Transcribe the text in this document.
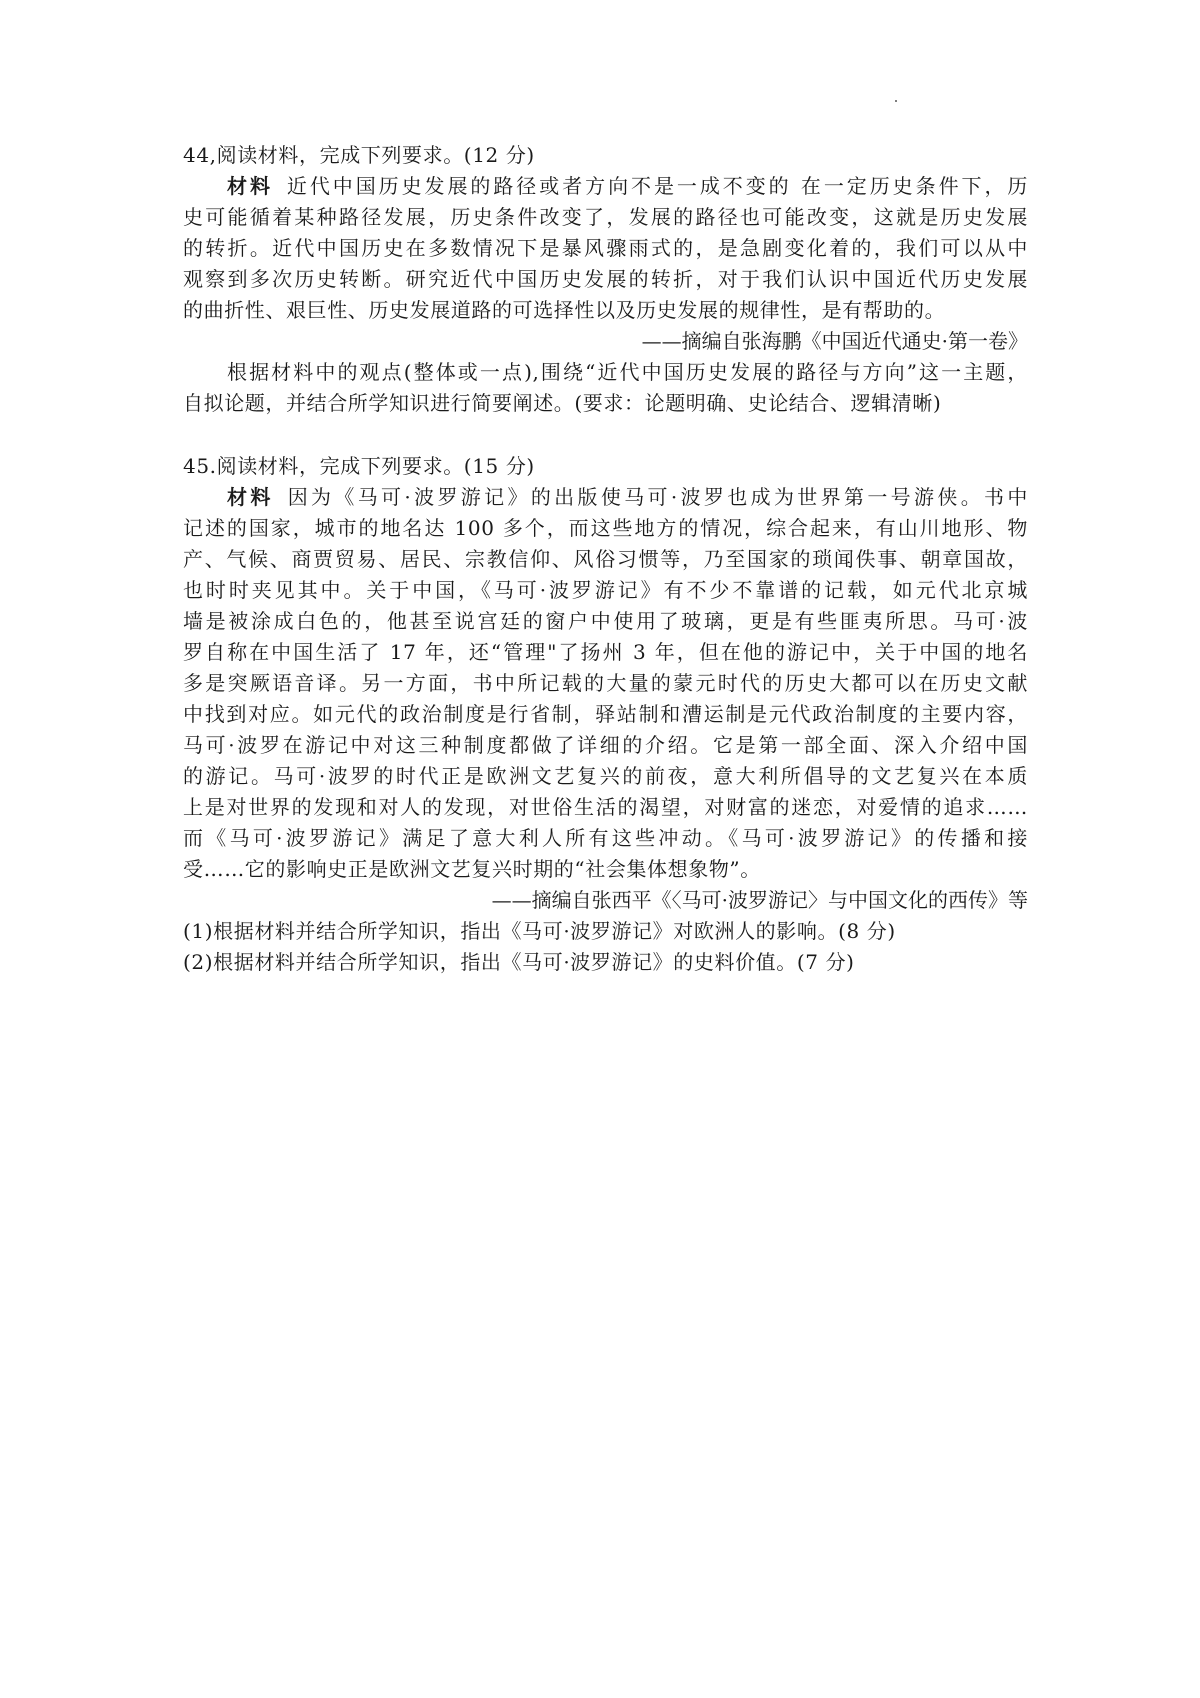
44,阅读材料，完成下列要求。(12 分)
材料 近代中国历史发展的路径或者方向不是一成不变的 在一定历史条件下，历
史可能循着某种路径发展，历史条件改变了，发展的路径也可能改变，这就是历史发展
的转折。近代中国历史在多数情况下是暴风骤雨式的，是急剧变化着的，我们可以从中
观察到多次历史转断。研究近代中国历史发展的转折，对于我们认识中国近代历史发展
的曲折性、艰巨性、历史发展道路的可选择性以及历史发展的规律性，是有帮助的。
——摘编自张海鹏《中国近代通史·第一卷》
根据材料中的观点(整体或一点),围绕“近代中国历史发展的路径与方向”这一主题，
自拟论题，并结合所学知识进行简要阐述。(要求：论题明确、史论结合、逻辑清晰)
45.阅读材料，完成下列要求。(15 分)
材料 因为《马可·波罗游记》的出版使马可·波罗也成为世界第一号游侠。书中
记述的国家，城市的地名达 100 多个，而这些地方的情况，综合起来，有山川地形、物
产、气候、商贾贸易、居民、宗教信仰、风俗习惯等，乃至国家的琐闻佚事、朝章国故，
也时时夹见其中。关于中国，《马可·波罗游记》有不少不靠谱的记载，如元代北京城
墙是被涂成白色的，他甚至说宫廷的窗户中使用了玻璃，更是有些匪夷所思。马可·波
罗自称在中国生活了 17 年，还“管理"了扬州 3 年，但在他的游记中，关于中国的地名
多是突厥语音译。另一方面，书中所记载的大量的蒙元时代的历史大都可以在历史文献
中找到对应。如元代的政治制度是行省制，驿站制和漕运制是元代政治制度的主要内容，
马可·波罗在游记中对这三种制度都做了详细的介绍。它是第一部全面、深入介绍中国
的游记。马可·波罗的时代正是欧洲文艺复兴的前夜，意大利所倡导的文艺复兴在本质
上是对世界的发现和对人的发现，对世俗生活的渴望，对财富的迷恋，对爱情的追求……
而《马可·波罗游记》满足了意大利人所有这些冲动。《马可·波罗游记》的传播和接
受……它的影响史正是欧洲文艺复兴时期的“社会集体想象物”。
——摘编自张西平《〈马可·波罗游记〉与中国文化的西传》等
(1)根据材料并结合所学知识，指出《马可·波罗游记》对欧洲人的影响。(8 分)
(2)根据材料并结合所学知识，指出《马可·波罗游记》的史料价值。(7 分)
